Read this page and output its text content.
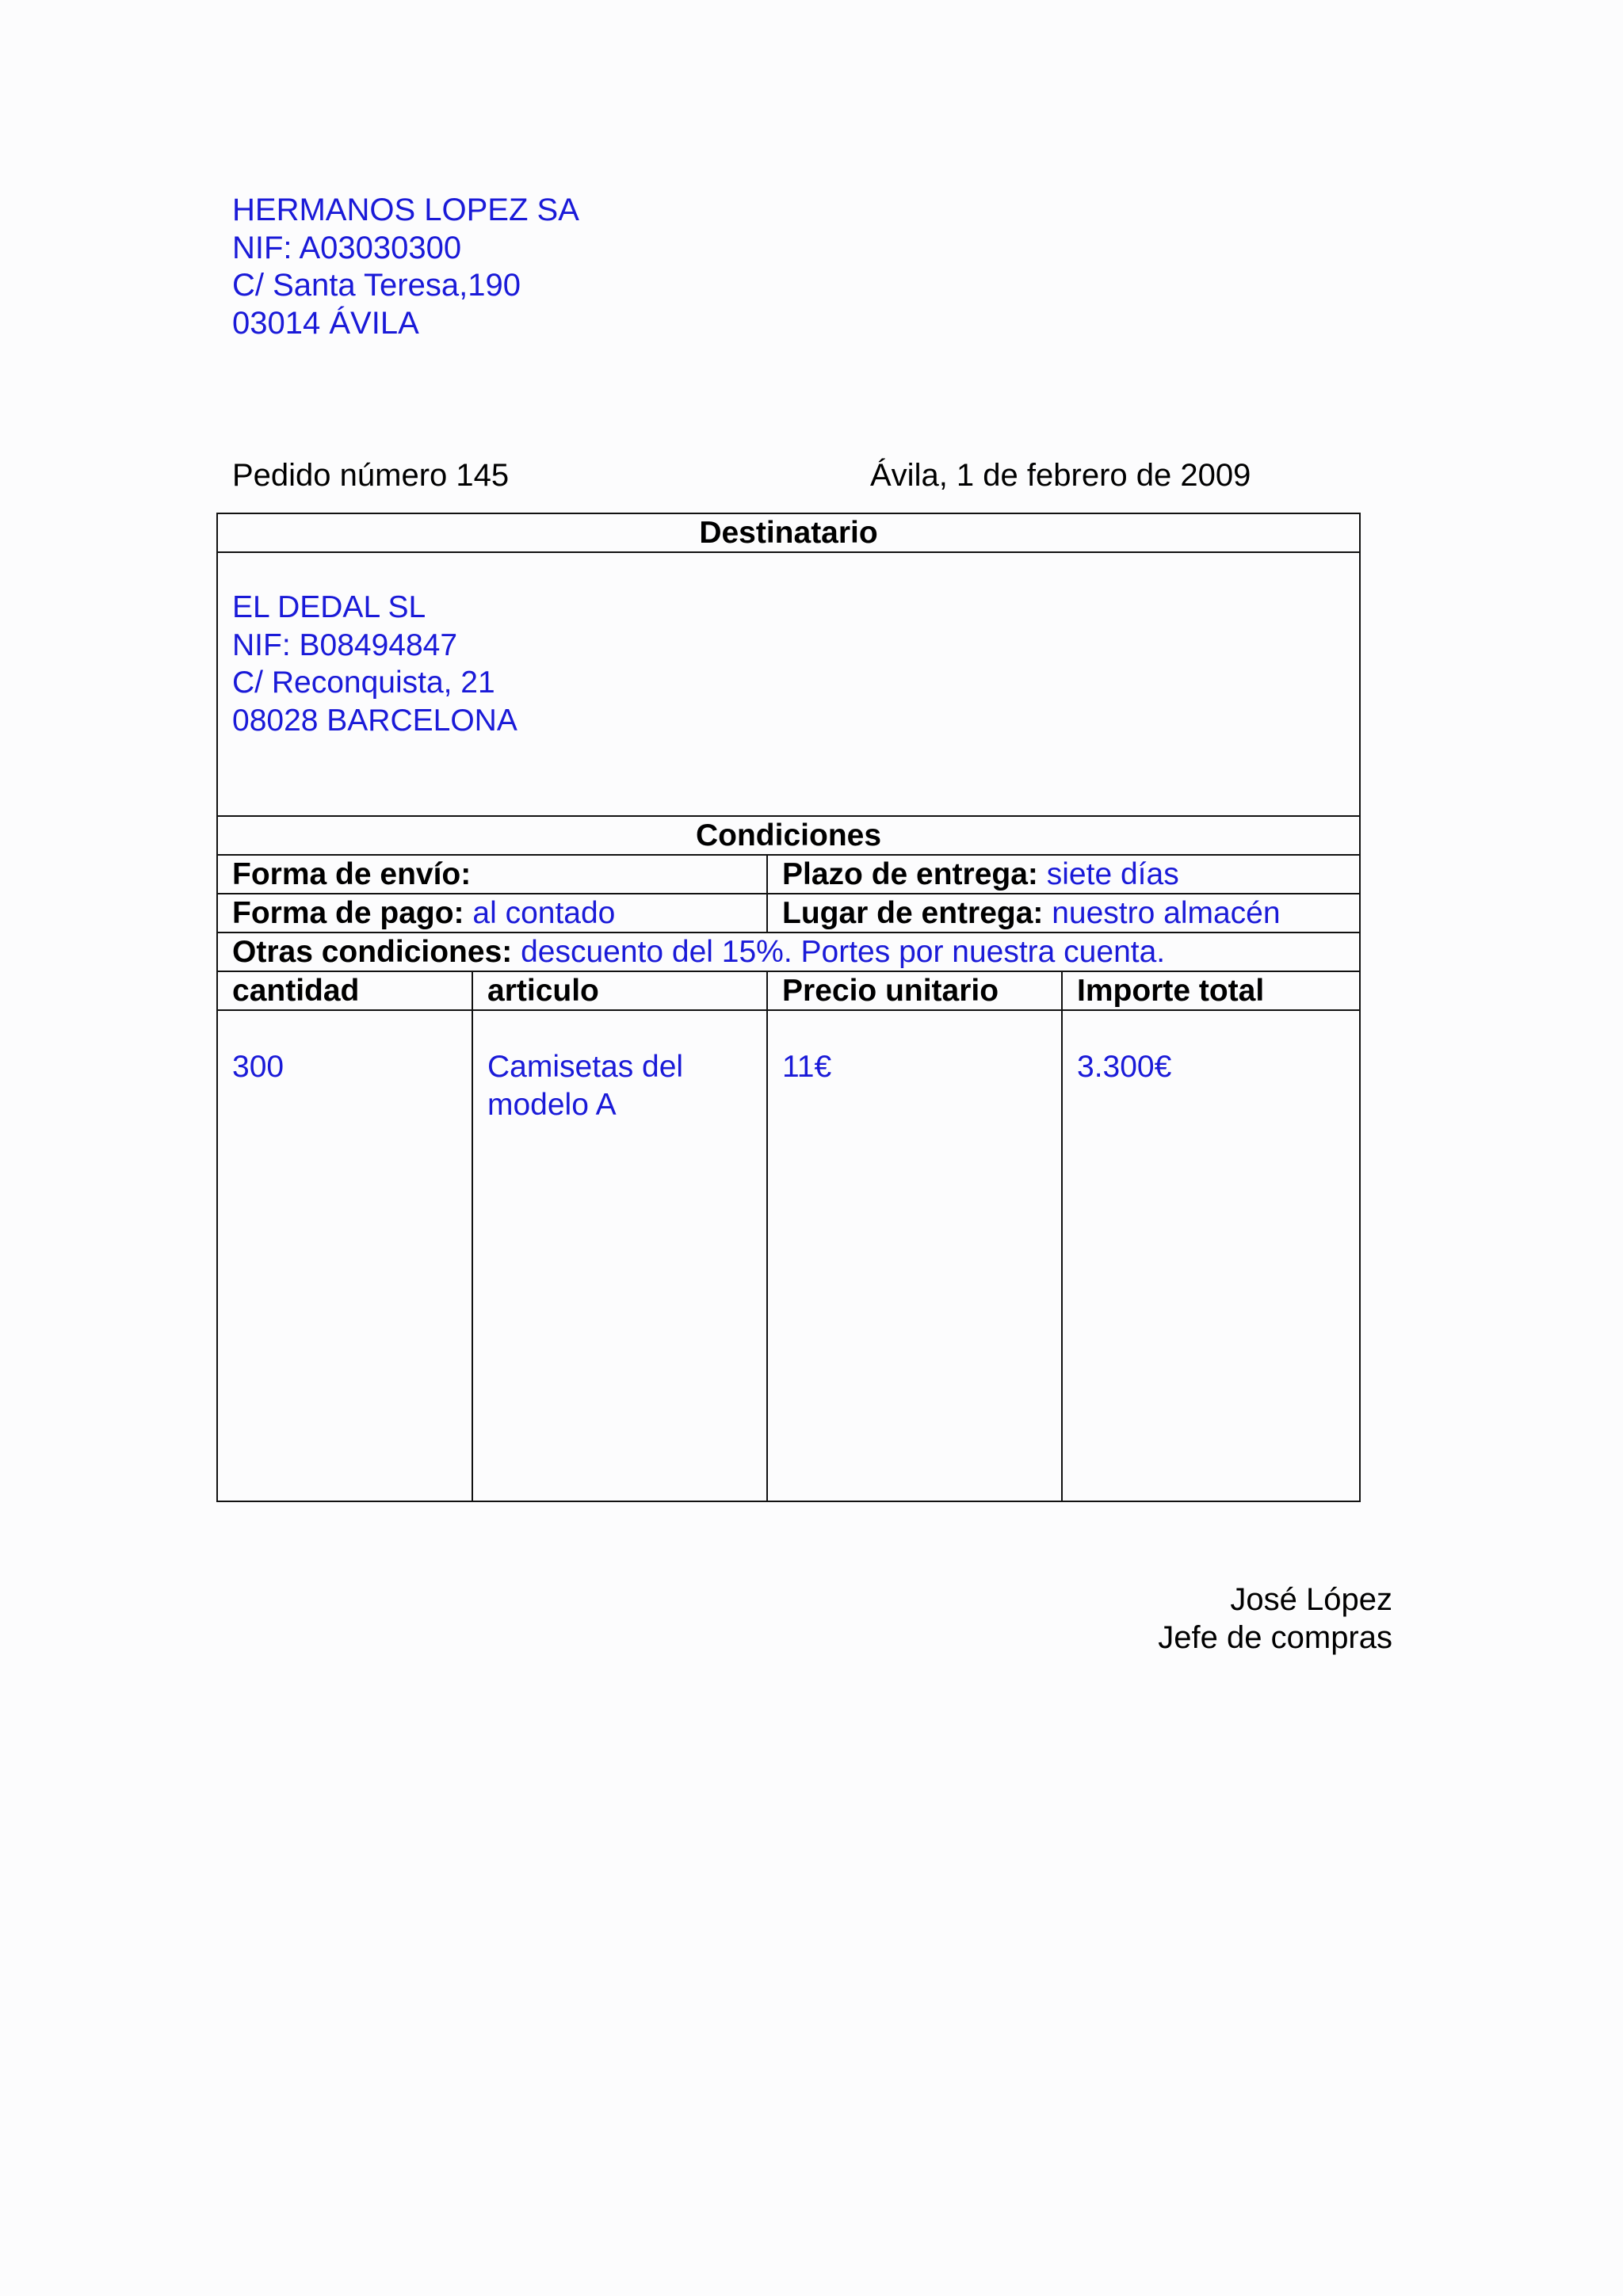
HERMANOS LOPEZ SA
NIF: A03030300
C/ Santa Teresa,190
03014 ÁVILA
Pedido número 145	Ávila, 1 de febrero de 2009
Destinatario			

EL DEDAL SL
NIF: B08494847
C/ Reconquista, 21
08028 BARCELONA			

Condiciones			
Forma de envío:		Plazo de entrega: siete días	
Forma de pago: al contado		Lugar de entrega: nuestro almacén	
Otras condiciones: descuento del 15%. Portes por nuestra cuenta.			
cantidad	articulo	Precio unitario	Importe total
300	Camisetas del modelo A	11€	3.300€
José López
Jefe de compras
